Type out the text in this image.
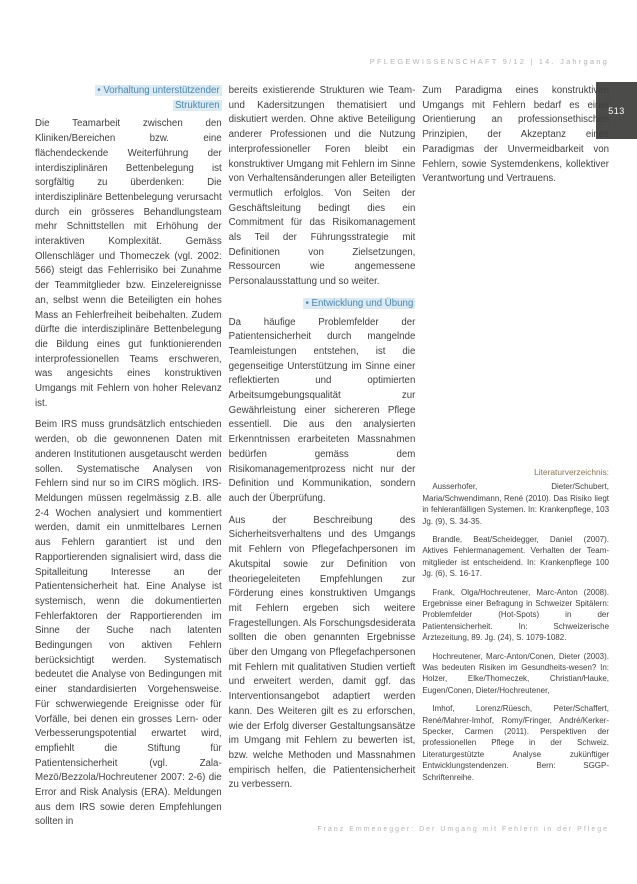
PFLEGEWISSENSCHAFT 9/12 | 14. Jahrgang
513
• Vorhaltung unterstützender
Strukturen

Die Teamarbeit zwischen den Kliniken/Bereichen bzw. eine flächendeckende Weiterführung der interdisziplinären Bettenbelegung ist sorgfältig zu überdenken: Die interdisziplinäre Bettenbelegung verursacht durch ein grösseres Behandlungsteam mehr Schnittstellen mit Erhöhung der interaktiven Komplexität. Gemäss Ollenschläger und Thomeczek (vgl. 2002: 566) steigt das Fehlerrisiko bei Zunahme der Teammitglieder bzw. Einzelereignisse an, selbst wenn die Beteiligten ein hohes Mass an Fehlerfreiheit beibehalten. Zudem dürfte die interdisziplinäre Bettenbelegung die Bildung eines gut funktionierenden interprofessionellen Teams erschweren, was angesichts eines konstruktiven Umgangs mit Fehlern von hoher Relevanz ist.

Beim IRS muss grundsätzlich entschieden werden, ob die gewonnenen Daten mit anderen Institutionen ausgetauscht werden sollen. Systematische Analysen von Fehlern sind nur so im CIRS möglich. IRS-Meldungen müssen regelmässig z.B. alle 2-4 Wochen analysiert und kommentiert werden, damit ein unmittelbares Lernen aus Fehlern garantiert ist und den Rapportierenden signalisiert wird, dass die Spitalleitung Interesse an der Patientensicherheit hat. Eine Analyse ist systemisch, wenn die dokumentierten Fehlerfaktoren der Rapportierenden im Sinne der Suche nach latenten Bedingungen von aktiven Fehlern berücksichtigt werden. Systematisch bedeutet die Analyse von Bedingungen mit einer standardisierten Vorgehensweise. Für schwerwiegende Ereignisse oder für Vorfälle, bei denen ein grosses Lern- oder Verbesserungspotential erwartet wird, empfiehlt die Stiftung für Patientensicherheit (vgl. Zala-Mezö/Bezzola/Hochreutener 2007: 2-6) die Error and Risk Analysis (ERA). Meldungen aus dem IRS sowie deren Empfehlungen sollten in

bereits existierende Strukturen wie Team- und Kadersitzungen thematisiert und diskutiert werden. Ohne aktive Beteiligung anderer Professionen und die Nutzung interprofessioneller Foren bleibt ein konstruktiver Umgang mit Fehlern im Sinne von Verhaltensänderungen aller Beteiligten vermutlich erfolglos. Von Seiten der Geschäftsleitung bedingt dies ein Commitment für das Risikomanagement als Teil der Führungsstrategie mit Definitionen von Zielsetzungen, Ressourcen wie angemessene Personalausstattung und so weiter.

• Entwicklung und Übung

Da häufige Problemfelder der Patientensicherheit durch mangelnde Teamleistungen entstehen, ist die gegenseitige Unterstützung im Sinne einer reflektierten und optimierten Arbeitsumgebungsqualität zur Gewährleistung einer sichereren Pflege essentiell. Die aus den analysierten Erkenntnissen erarbeiteten Massnahmen bedürfen gemäss dem Risikomanagementprozess nicht nur der Definition und Kommunikation, sondern auch der Überprüfung.

Aus der Beschreibung des Sicherheitsverhaltens und des Umgangs mit Fehlern von Pflegefachpersonen im Akutspital sowie zur Definition von theoriegeleiteten Empfehlungen zur Förderung eines konstruktiven Umgangs mit Fehlern ergeben sich weitere Fragestellungen. Als Forschungsdesiderata sollten die oben genannten Ergebnisse über den Umgang von Pflegefachpersonen mit Fehlern mit qualitativen Studien vertieft und erweitert werden, damit ggf. das Interventionsangebot adaptiert werden kann. Des Weiteren gilt es zu erforschen, wie der Erfolg diverser Gestaltungsansätze im Umgang mit Fehlern zu bewerten ist, bzw. welche Methoden und Massnahmen empirisch helfen, die Patientensicherheit zu verbessern.

Zum Paradigma eines konstruktiven Umgangs mit Fehlern bedarf es einer Orientierung an professionsethischen Prinzipien, der Akzeptanz eines Paradigmas der Unvermeidbarkeit von Fehlern, sowie Systemdenkens, kollektiver Verantwortung und Vertrauens.

Literaturverzeichnis:

Ausserhofer, Dieter/Schubert, Maria/Schwendimann, René (2010). Das Risiko liegt in fehleranfälligen Systemen. In: Krankenpflege, 103 Jg. (9), S. 34-35.

Brandle, Beat/Scheidegger, Daniel (2007). Aktives Fehlermanagement. Verhalten der Team-mitglieder ist entscheidend. In: Krankenpflege 100 Jg. (6), S. 16-17.

Frank, Olga/Hochreutener, Marc-Anton (2008). Ergebnisse einer Befragung in Schweizer Spitälern: Problemfelder (Hot-Spots) in der Patientensicherheit. In: Schweizerische Ärztezeitung, 89. Jg. (24), S. 1079-1082.

Hochreutener, Marc-Anton/Conen, Dieter (2003). Was bedeuten Risiken im Gesundheits-wesen? In: Holzer, Elke/Thomeczek, Christian/Hauke, Eugen/Conen, Dieter/Hochreutener,

Imhof, Lorenz/Rüesch, Peter/Schaffert, René/Mahrer-Imhof, Romy/Fringer, André/Kerker-Specker, Carmen (2011). Perspektiven der professionellen Pflege in der Schweiz. Literaturgestützte Analyse zukünftiger Entwicklungstendenzen. Bern: SGGP-Schriftenreihe.

Franz Emmenegger: Der Umgang mit Fehlern in der Pflege
